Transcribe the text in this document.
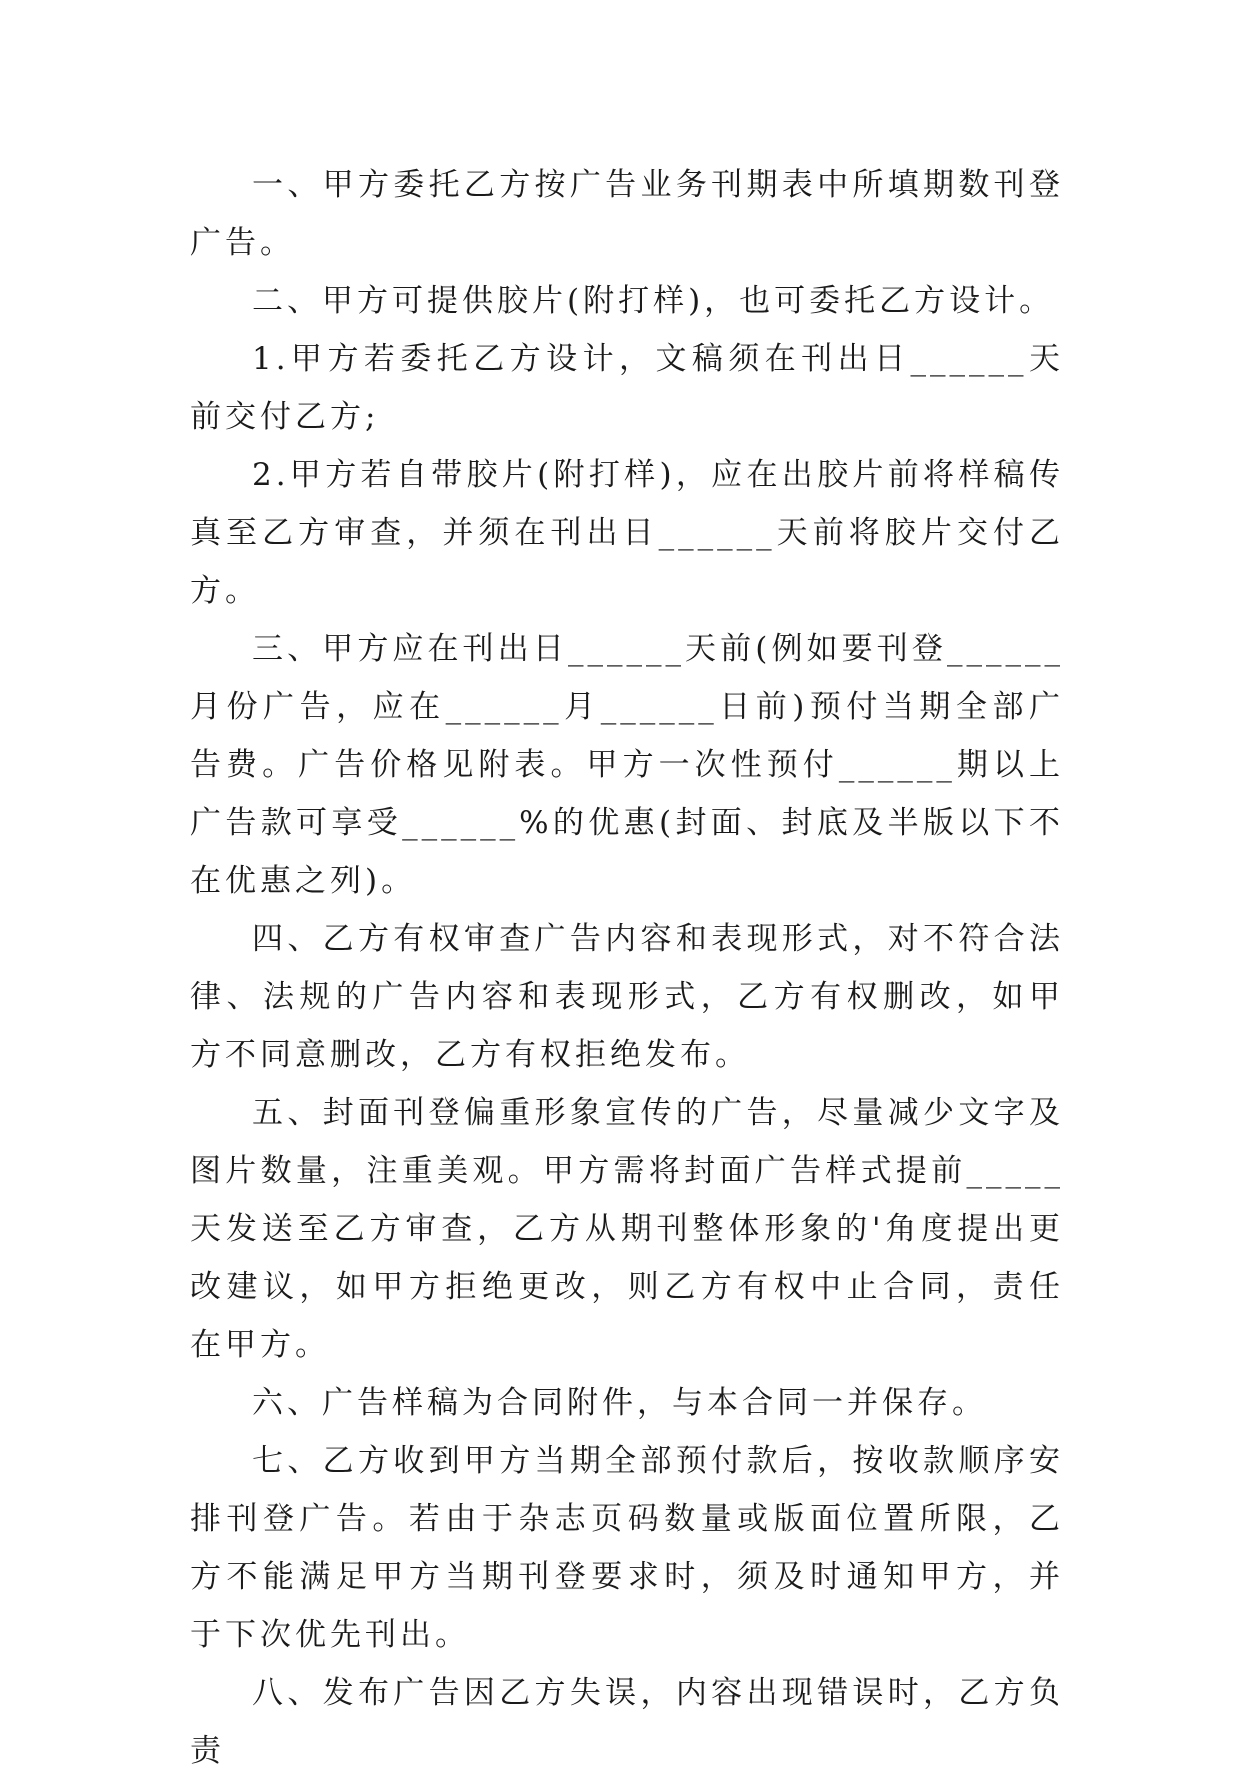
一、甲方委托乙方按广告业务刊期表中所填期数刊登广告。

二、甲方可提供胶片(附打样)，也可委托乙方设计。

1.甲方若委托乙方设计，文稿须在刊出日______天前交付乙方;

2.甲方若自带胶片(附打样)，应在出胶片前将样稿传真至乙方审查，并须在刊出日______天前将胶片交付乙方。

三、甲方应在刊出日______天前(例如要刊登______月份广告，应在______月______日前)预付当期全部广告费。广告价格见附表。甲方一次性预付______期以上广告款可享受______%的优惠(封面、封底及半版以下不在优惠之列)。

四、乙方有权审查广告内容和表现形式，对不符合法律、法规的广告内容和表现形式，乙方有权删改，如甲方不同意删改，乙方有权拒绝发布。

五、封面刊登偏重形象宣传的广告，尽量减少文字及图片数量，注重美观。甲方需将封面广告样式提前_____天发送至乙方审查，乙方从期刊整体形象的'角度提出更改建议，如甲方拒绝更改，则乙方有权中止合同，责任在甲方。

六、广告样稿为合同附件，与本合同一并保存。

七、乙方收到甲方当期全部预付款后，按收款顺序安排刊登广告。若由于杂志页码数量或版面位置所限，乙方不能满足甲方当期刊登要求时，须及时通知甲方，并于下次优先刊出。

八、发布广告因乙方失误，内容出现错误时，乙方负责
